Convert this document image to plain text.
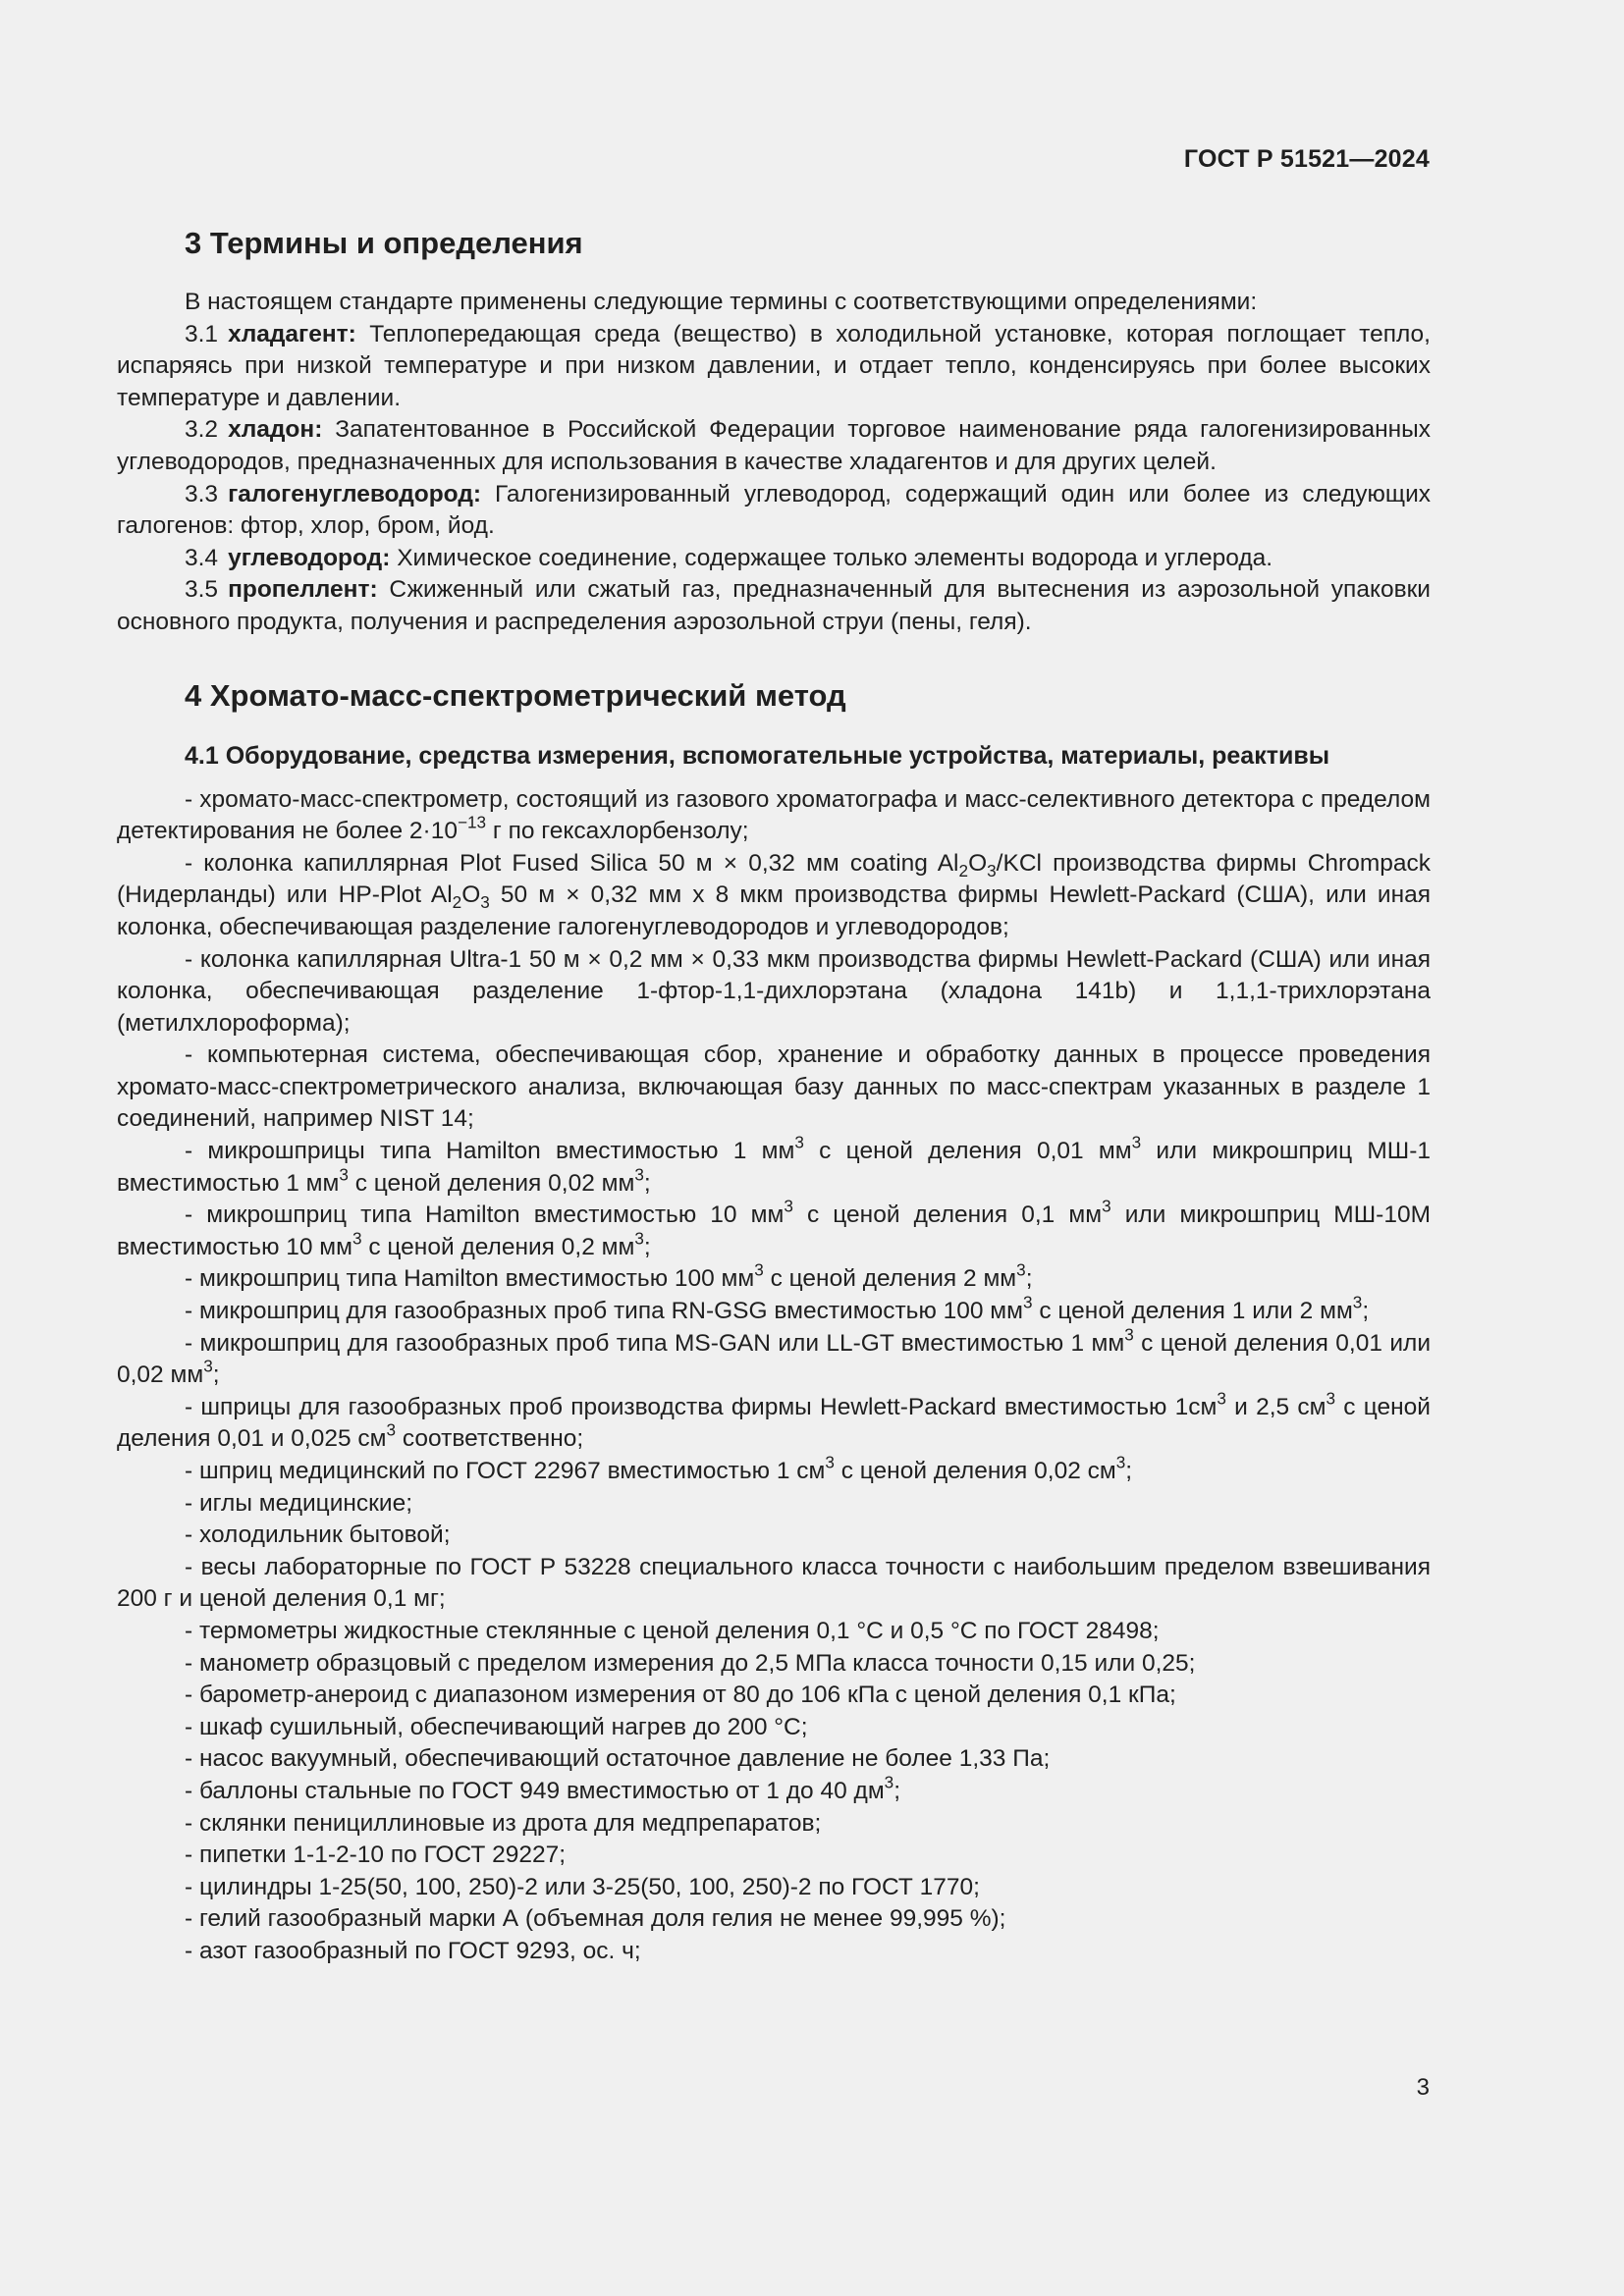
ГОСТ Р 51521—2024
3 Термины и определения

В настоящем стандарте применены следующие термины с соответствующими определениями:

3.1 хладагент: Теплопередающая среда (вещество) в холодильной установке, которая поглощает тепло, испаряясь при низкой температуре и при низком давлении, и отдает тепло, конденсируясь при более высоких температуре и давлении.

3.2 хладон: Запатентованное в Российской Федерации торговое наименование ряда галогенизированных углеводородов, предназначенных для использования в качестве хладагентов и для других целей.

3.3 галогенуглеводород: Галогенизированный углеводород, содержащий один или более из следующих галогенов: фтор, хлор, бром, йод.

3.4 углеводород: Химическое соединение, содержащее только элементы водорода и углерода.

3.5 пропеллент: Сжиженный или сжатый газ, предназначенный для вытеснения из аэрозольной упаковки основного продукта, получения и распределения аэрозольной струи (пены, геля).

4 Хромато-масс-спектрометрический метод
4.1 Оборудование, средства измерения, вспомогательные устройства, материалы, реактивы

- хромато-масс-спектрометр, состоящий из газового хроматографа и масс-селективного детектора с пределом детектирования не более $2\cdot 10^{-13}$ г по гексахлорбензолу;

- колонка капиллярная Plot Fused Silica 50 м × 0,32 мм coating $Al_2O_3$/KCl производства фирмы Chrompack (Нидерланды) или HP-Plot $Al_2O_3$ 50 м × 0,32 мм х 8 мкм производства фирмы Hewlett-Packard (США), или иная колонка, обеспечивающая разделение галогенуглеводородов и углеводородов;

- колонка капиллярная Ultra-1 50 м × 0,2 мм × 0,33 мкм производства фирмы Hewlett-Packard (США) или иная колонка, обеспечивающая разделение 1-фтор-1,1-дихлорэтана (хладона 141b) и 1,1,1-трихлорэтана (метилхлороформа);

- компьютерная система, обеспечивающая сбор, хранение и обработку данных в процессе проведения хромато-масс-спектрометрического анализа, включающая базу данных по масс-спектрам указанных в разделе 1 соединений, например NIST 14;

- микрошприцы типа Hamilton вместимостью 1 $мм^3$ с ценой деления 0,01 $мм^3$ или микрошприц МШ-1 вместимостью 1 $мм^3$ с ценой деления 0,02 $мм^3$;

- микрошприц типа Hamilton вместимостью 10 $мм^3$ с ценой деления 0,1 $мм^3$ или микрошприц МШ-10М вместимостью 10 $мм^3$ с ценой деления 0,2 $мм^3$;

- микрошприц типа Hamilton вместимостью 100 $мм^3$ с ценой деления 2 $мм^3$;

- микрошприц для газообразных проб типа RN-GSG вместимостью 100 $мм^3$ с ценой деления 1 или 2 $мм^3$;

- микрошприц для газообразных проб типа MS-GAN или LL-GT вместимостью 1 $мм^3$ с ценой деления 0,01 или 0,02 $мм^3$;

- шприцы для газообразных проб производства фирмы Hewlett-Packard вместимостью $1см^3$ и 2,5 $см^3$ с ценой деления 0,01 и 0,025 $см^3$ соответственно;

- шприц медицинский по ГОСТ 22967 вместимостью 1 $см^3$ с ценой деления 0,02 $см^3$;

- иглы медицинские;

- холодильник бытовой;

- весы лабораторные по ГОСТ Р 53228 специального класса точности с наибольшим пределом взвешивания 200 г и ценой деления 0,1 мг;

- термометры жидкостные стеклянные с ценой деления 0,1 °С и 0,5 °С по ГОСТ 28498;

- манометр образцовый с пределом измерения до 2,5 МПа класса точности 0,15 или 0,25;

- барометр-анероид с диапазоном измерения от 80 до 106 кПа с ценой деления 0,1 кПа;

- шкаф сушильный, обеспечивающий нагрев до 200 °С;

- насос вакуумный, обеспечивающий остаточное давление не более 1,33 Па;

- баллоны стальные по ГОСТ 949 вместимостью от 1 до 40 $дм^3$;

- склянки пенициллиновые из дрота для медпрепаратов;

- пипетки 1-1-2-10 по ГОСТ 29227;

- цилиндры 1-25(50, 100, 250)-2 или 3-25(50, 100, 250)-2 по ГОСТ 1770;

- гелий газообразный марки А (объемная доля гелия не менее 99,995 %);

- азот газообразный по ГОСТ 9293, ос. ч;

3
